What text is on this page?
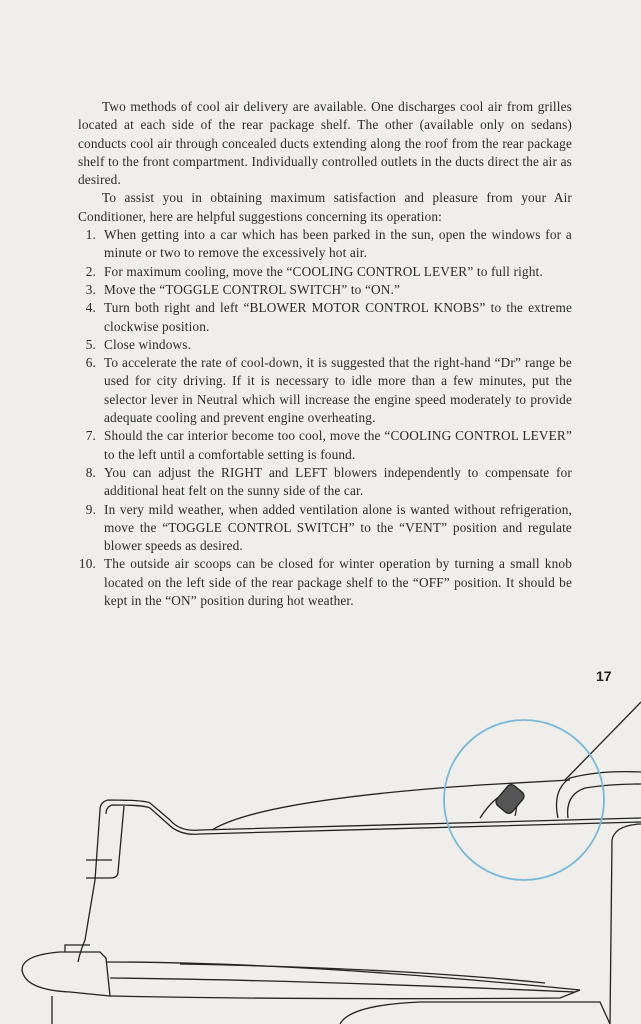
Two methods of cool air delivery are available. One discharges cool air from grilles located at each side of the rear package shelf. The other (available only on sedans) conducts cool air through concealed ducts extending along the roof from the rear package shelf to the front compartment. Individually controlled outlets in the ducts direct the air as desired.

To assist you in obtaining maximum satisfaction and pleasure from your Air Conditioner, here are helpful suggestions concerning its operation:

1. When getting into a car which has been parked in the sun, open the windows for a minute or two to remove the excessively hot air.
2. For maximum cooling, move the “COOLING CONTROL LEVER” to full right.
3. Move the “TOGGLE CONTROL SWITCH” to “ON.”
4. Turn both right and left “BLOWER MOTOR CONTROL KNOBS” to the extreme clockwise position.
5. Close windows.
6. To accelerate the rate of cool-down, it is suggested that the right-hand “Dr” range be used for city driving. If it is necessary to idle more than a few minutes, put the selector lever in Neutral which will increase the engine speed moderately to provide adequate cooling and prevent engine overheating.
7. Should the car interior become too cool, move the “COOLING CONTROL LEVER” to the left until a comfortable setting is found.
8. You can adjust the RIGHT and LEFT blowers independently to compensate for additional heat felt on the sunny side of the car.
9. In very mild weather, when added ventilation alone is wanted without refrigeration, move the “TOGGLE CONTROL SWITCH” to the “VENT” position and regulate blower speeds as desired.
10. The outside air scoops can be closed for winter operation by turning a small knob located on the left side of the rear package shelf to the “OFF” position. It should be kept in the “ON” position during hot weather.
17
